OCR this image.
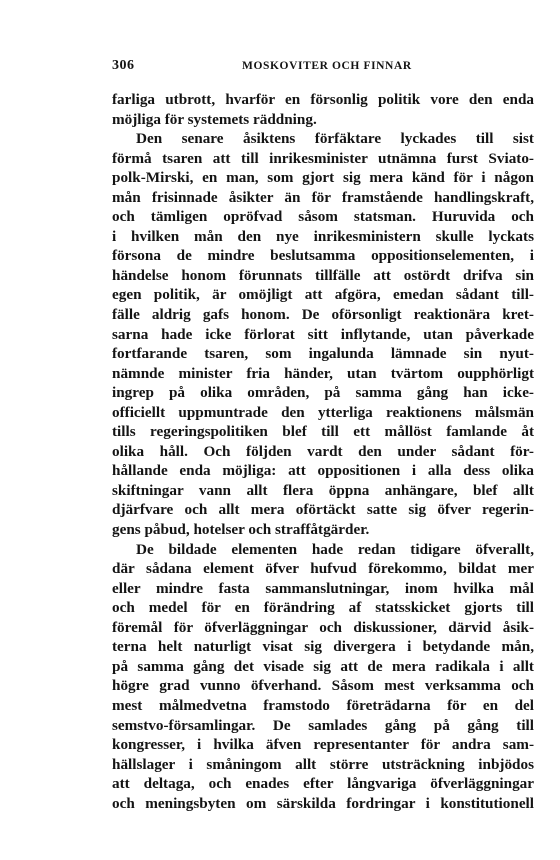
306	MOSKOVITER OCH FINNAR
farliga utbrott, hvarför en försonlig politik vore den enda
möjliga för systemets räddning.
Den senare åsiktens förfäktare lyckades till sist
förmå tsaren att till inrikesminister utnämna furst Sviato-
polk-Mirski, en man, som gjort sig mera känd för i någon
mån frisinnade åsikter än för framstående handlingskraft,
och tämligen opröfvad såsom statsman. Huruvida och
i hvilken mån den nye inrikesministern skulle lyckats
försona de mindre beslutsamma oppositionselementen, i
händelse honom förunnats tillfälle att ostördt drifva sin
egen politik, är omöjligt att afgöra, emedan sådant till-
fälle aldrig gafs honom. De oförsonligt reaktionära kret-
sarna hade icke förlorat sitt inflytande, utan påverkade
fortfarande tsaren, som ingalunda lämnade sin nyut-
nämnde minister fria händer, utan tvärtom oupphörligt
ingrep på olika områden, på samma gång han icke-
officiellt uppmuntrade den ytterliga reaktionens målsmän
tills regeringspolitiken blef till ett mållöst famlande åt
olika håll. Och följden vardt den under sådant för-
hållande enda möjliga: att oppositionen i alla dess olika
skiftningar vann allt flera öppna anhängare, blef allt
djärfvare och allt mera oförtäckt satte sig öfver regerin-
gens påbud, hotelser och straffåtgärder.
De bildade elementen hade redan tidigare öfverallt,
där sådana element öfver hufvud förekommo, bildat mer
eller mindre fasta sammanslutningar, inom hvilka mål
och medel för en förändring af statsskicket gjorts till
föremål för öfverläggningar och diskussioner, därvid åsik-
terna helt naturligt visat sig divergera i betydande mån,
på samma gång det visade sig att de mera radikala i allt
högre grad vunno öfverhand. Såsom mest verksamma och
mest målmedvetna framstodo företrädarna för en del
semstvo-församlingar. De samlades gång på gång till
kongresser, i hvilka äfven representanter för andra sam-
hällslager i småningom allt större utsträckning inbjödos
att deltaga, och enades efter långvariga öfverläggningar
och meningsbyten om särskilda fordringar i konstitutionell
